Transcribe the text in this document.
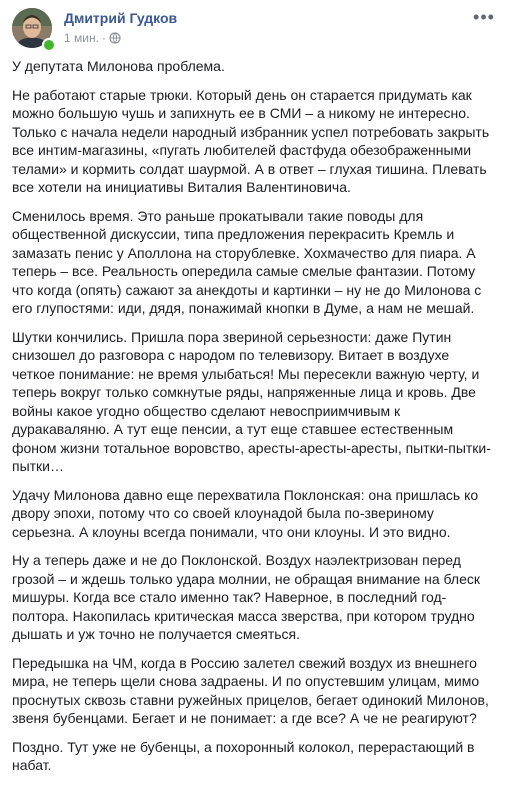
Дмитрий Гудков
1 мин. ·
•••

У депутата Милонова проблема.

Не работают старые трюки. Который день он старается придумать как можно большую чушь и запихнуть ее в СМИ – а никому не интересно. Только с начала недели народный избранник успел потребовать закрыть все интим-магазины, «пугать любителей фастфуда обезображенными телами» и кормить солдат шаурмой. А в ответ – глухая тишина. Плевать все хотели на инициативы Виталия Валентиновича.

Сменилось время. Это раньше прокатывали такие поводы для общественной дискуссии, типа предложения перекрасить Кремль и замазать пенис у Аполлона на сторублевке. Хохмачество для пиара. А теперь – все. Реальность опередила самые смелые фантазии. Потому что когда (опять) сажают за анекдоты и картинки – ну не до Милонова с его глупостями: иди, дядя, понажимай кнопки в Думе, а нам не мешай.

Шутки кончились. Пришла пора звериной серьезности: даже Путин снизошел до разговора с народом по телевизору. Витает в воздухе четкое понимание: не время улыбаться! Мы пересекли важную черту, и теперь вокруг только сомкнутые ряды, напряженные лица и кровь. Две войны какое угодно общество сделают невосприимчивым к дуракаваляню. А тут еще пенсии, а тут еще ставшее естественным фоном жизни тотальное воровство, аресты-аресты-аресты, пытки-пытки-пытки…

Удачу Милонова давно еще перехватила Поклонская: она пришлась ко двору эпохи, потому что со своей клоунадой была по-звериному серьезна. А клоуны всегда понимали, что они клоуны. И это видно.

Ну а теперь даже и не до Поклонской. Воздух наэлектризован перед грозой – и ждешь только удара молнии, не обращая внимание на блеск мишуры. Когда все стало именно так? Наверное, в последний год-полтора. Накопилась критическая масса зверства, при котором трудно дышать и уж точно не получается смеяться.

Передышка на ЧМ, когда в Россию залетел свежий воздух из внешнего мира, не теперь щели снова задраены. И по опустевшим улицам, мимо проснутых сквозь ставни ружейных прицелов, бегает одинокий Милонов, звеня бубенцами. Бегает и не понимает: а где все? А че не реагируют?

Поздно. Тут уже не бубенцы, а похоронный колокол, перерастающий в набат.
